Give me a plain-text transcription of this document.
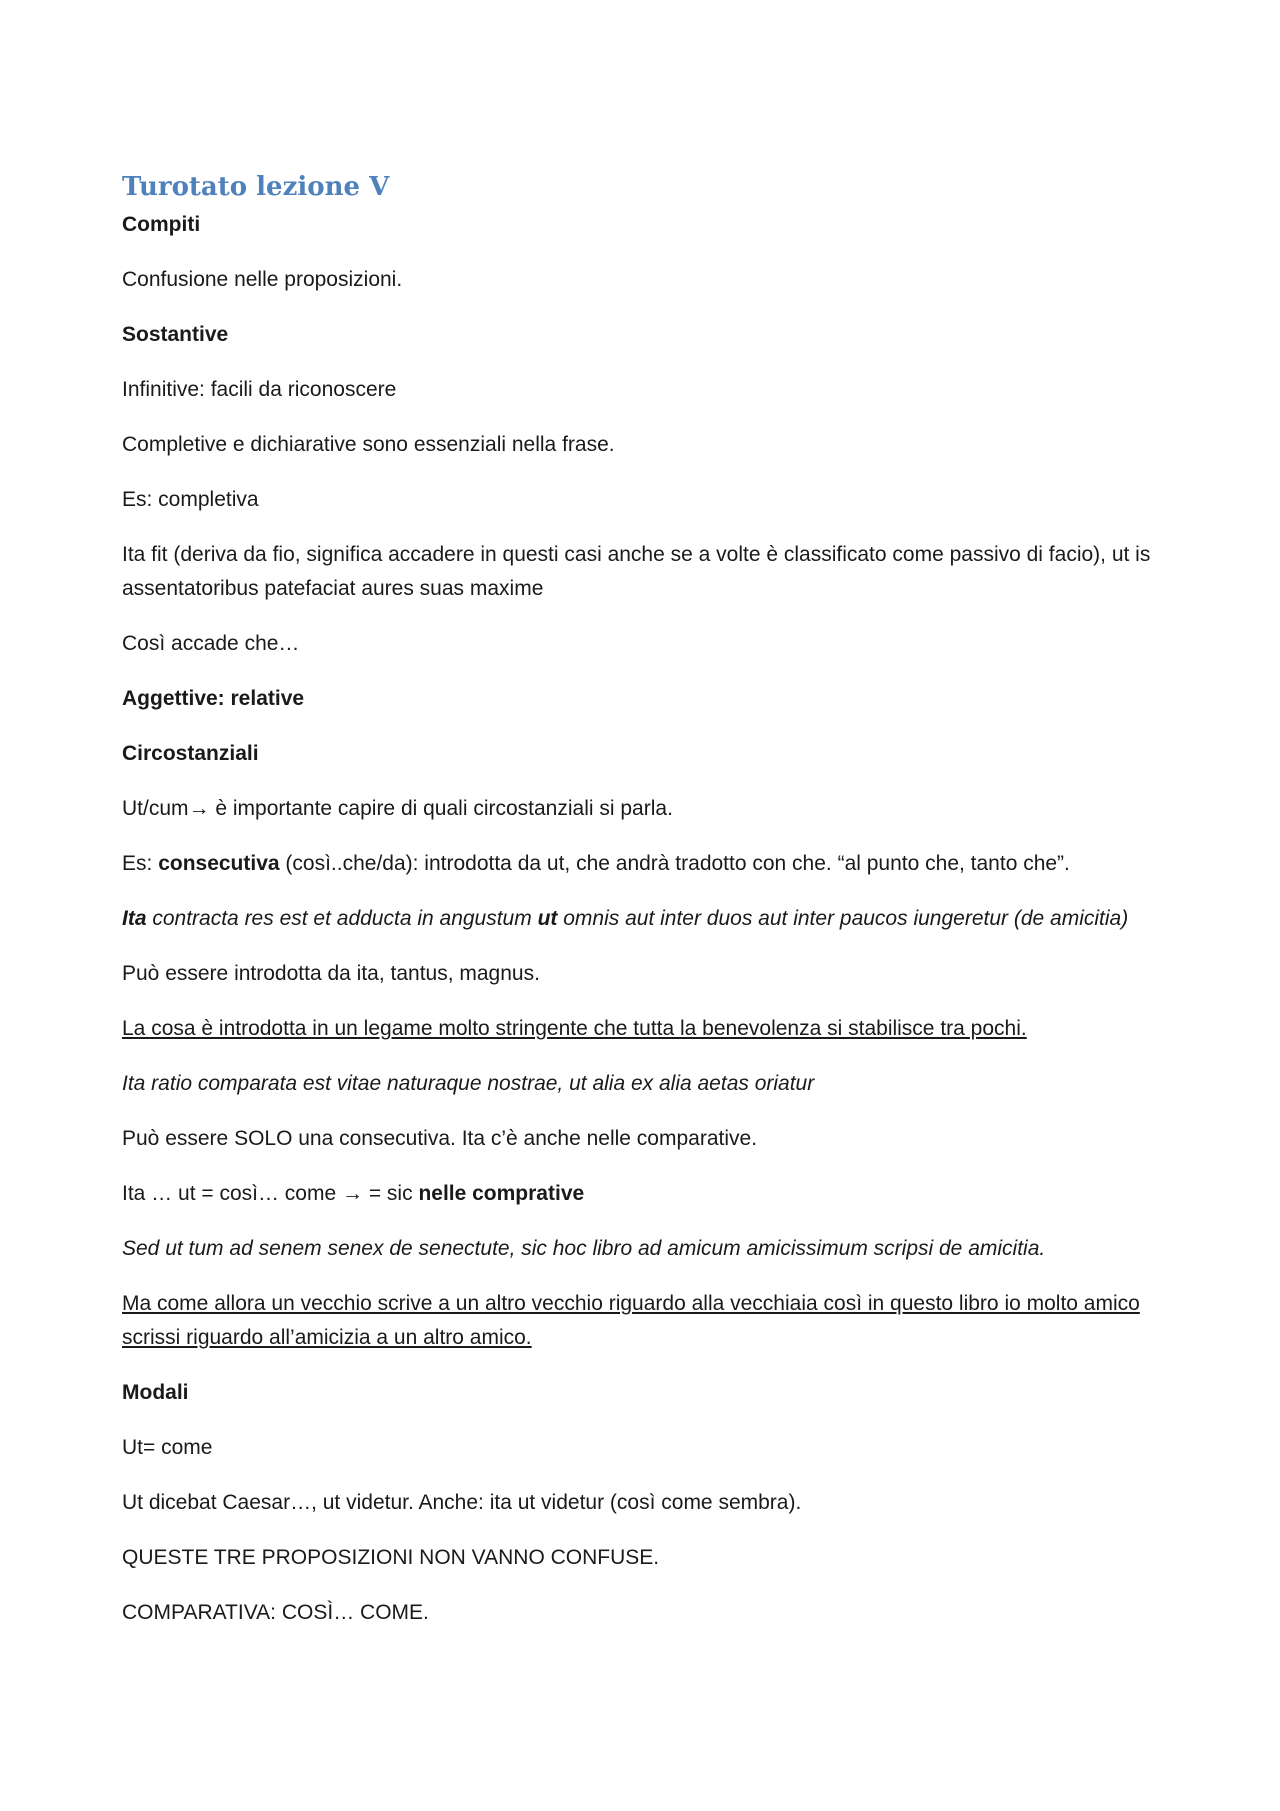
Turotato lezione V

Compiti

Confusione nelle proposizioni.

Sostantive

Infinitive: facili da riconoscere

Completive e dichiarative sono essenziali nella frase.

Es: completiva

Ita fit (deriva da fio, significa accadere in questi casi anche se a volte è classificato come passivo di facio), ut is assentatoribus patefaciat aures suas maxime

Così accade che…

Aggettive: relative

Circostanziali

Ut/cum→ è importante capire di quali circostanziali si parla.

Es: consecutiva (così..che/da): introdotta da ut, che andrà tradotto con che. “al punto che, tanto che”.

Ita contracta res est et adducta in angustum ut omnis aut inter duos aut inter paucos iungeretur (de amicitia)

Può essere introdotta da ita, tantus, magnus.

La cosa è introdotta in un legame molto stringente che tutta la benevolenza si stabilisce tra pochi.

Ita ratio comparata est vitae naturaque nostrae, ut alia ex alia aetas oriatur

Può essere SOLO una consecutiva. Ita c’è anche nelle comparative.

Ita … ut = così… come → = sic nelle comprative

Sed ut tum ad senem senex de senectute, sic hoc libro ad amicum amicissimum scripsi de amicitia.

Ma come allora un vecchio scrive a un altro vecchio riguardo alla vecchiaia così in questo libro io molto amico scrissi riguardo all’amicizia a un altro amico.

Modali

Ut= come

Ut dicebat Caesar…, ut videtur. Anche: ita ut videtur (così come sembra).

QUESTE TRE PROPOSIZIONI NON VANNO CONFUSE.

COMPARATIVA: COSÌ… COME.
